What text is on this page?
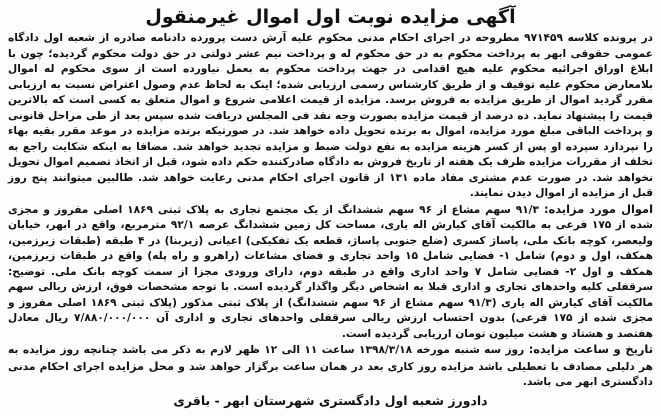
آگهی مزایده نوبت اول اموال غیرمنقول

در پرونده کلاسه ۹۷۱۴۵۹ مطروحه در اجرای احکام مدنی محکوم علیه آرش دست پرورده دادنامه صادره از شعبه اول دادگاه عمومی حقوقی ابهر به پرداخت محکوم به در حق محکوم له و پرداخت نیم عشر دولتی در حق دولت محکوم گردیده؛ چون با ابلاغ اوراق اجرائیه محکوم علیه هیچ اقدامی در جهت پرداخت محکوم به بعمل نیاورده است از سوی محکوم له اموال بلامعارض محکوم علیه توقیف و از طریق کارشناس رسمی ارزیابی شده؛ اینک به لحاظ عدم وصول اعتراض نسبت به ارزیابی مقرر گردید اموال از طریق مزایده به فروش برسد. مزایده از قیمت اعلامی شروع و اموال متعلق به کسی است که بالاترین قیمت را پیشنهاد نماید. ده درصد از قیمت مزایده بصورت وجه نقد فی المجلس دریافت شده سپس بعد از طی مراحل قانونی و پرداخت الباقی مبلغ مورد مزایده، اموال به برنده تحویل داده خواهد شد. در صورتیکه برنده مزایده در موعد مقرر بقیه بهاء را نپردازد سپرده او پس از کسر هزینه مزایده به نفع دولت ضبط و مزایده تجدید خواهد شد. مضافا به اینکه شکایت راجع به تخلف از مقررات مزایده ظرف یک هفته از تاریخ فروش به دادگاه صادرکننده حکم داده شود، قبل از اتخاذ تصمیم اموال تحویل نخواهد شد. در صورت عدم مشتری مفاد ماده ۱۳۱ از قانون اجرای احکام مدنی رعایت خواهد شد. طالبین میتوانند پنج روز قبل از مزایده از اموال دیدن نمایند.

اموال مورد مزایده: ۹۱/۳ سهم مشاع از ۹۶ سهم ششدانگ از یک مجتمع تجاری به پلاک ثبتی ۱۸۶۹ اصلی مفروز و مجزی شده از ۱۷۵ فرعی به مالکیت آقای کیارش اله یاری، مساحت کل زمین ششدانگ عرصه ۹۲/۱ مترمربع، واقع در ابهر، خیابان ولیعصر، کوچه بانک ملی، پاساژ کسری (ضلع جنوبی پاساژ، قطعه یک تفکیکی) اعیانی (زیربنا) در ۴ طبقه (طبقات زیرزمین، همکف، اول و دوم) شامل ۱- فضایی شامل ۱۵ واحد تجاری و فضای مشاعات (راهرو و راه پله) واقع در طبقات زیرزمین، همکف و اول ۲- فضایی شامل ۷ واحد اداری واقع در طبقه دوم، دارای ورودی مجزا از سمت کوچه بانک ملی. توضیح: سرقفلی کلیه واحدهای تجاری و اداری قبلا به اشخاص دیگر واگذار گردیده است. با توجه مشخصات فوق، ارزش ریالی سهم مالکیت آقای کیارش اله یاری (۹۱/۳ سهم مشاع از ۹۶ سهم ششدانگ) از پلاک ثبتی مذکور (پلاک ثبتی ۱۸۶۹ اصلی مفروز و مجزی شده از ۱۷۵ فرعی) بدون احتساب ارزش ریالی سرقفلی واحدهای تجاری و اداری آن ۷/۸۸۰/۰۰۰/۰۰۰ ریال معادل هفتصد و هشتاد و هشت میلیون تومان ارزیابی گردیده است.

تاریخ و ساعت مزایده: روز سه شنبه مورخه ۱۳۹۸/۳/۱۸ ساعت ۱۱ الی ۱۲ ظهر لازم به ذکر می باشد چنانچه روز مزایده به هر دلیلی مصادف با تعطیلی باشد مزایده روز کاری بعد در همان ساعت برگزار خواهد شد و محل مزایده اجرای احکام مدنی دادگستری ابهر می باشد.

دادورز شعبه اول دادگستری شهرستان ابهر - باقری
